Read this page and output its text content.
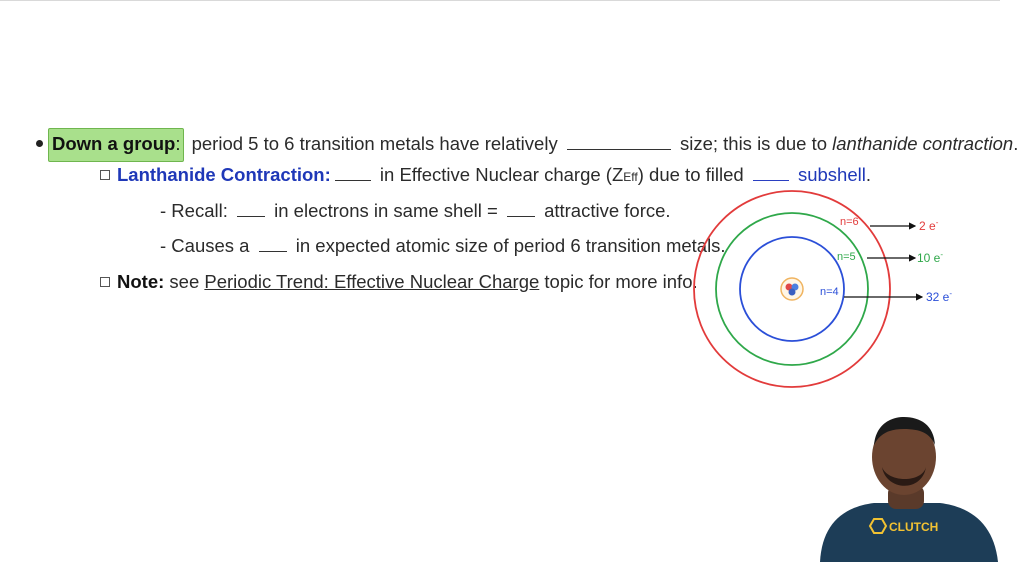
Down a group: period 5 to 6 transition metals have relatively	size; this is due to lanthanide contraction.
Lanthanide Contraction: in Effective Nuclear charge (ZEff) due to filled  subshell.
- Recall:  in electrons in same shell =  attractive force.
- Causes a  in expected atomic size of period 6 transition metals.
Note: see Periodic Trend: Effective Nuclear Charge topic for more info.
n=6
n=5
n=4
2 e-
10 e-
32 e-
CLUTCH
